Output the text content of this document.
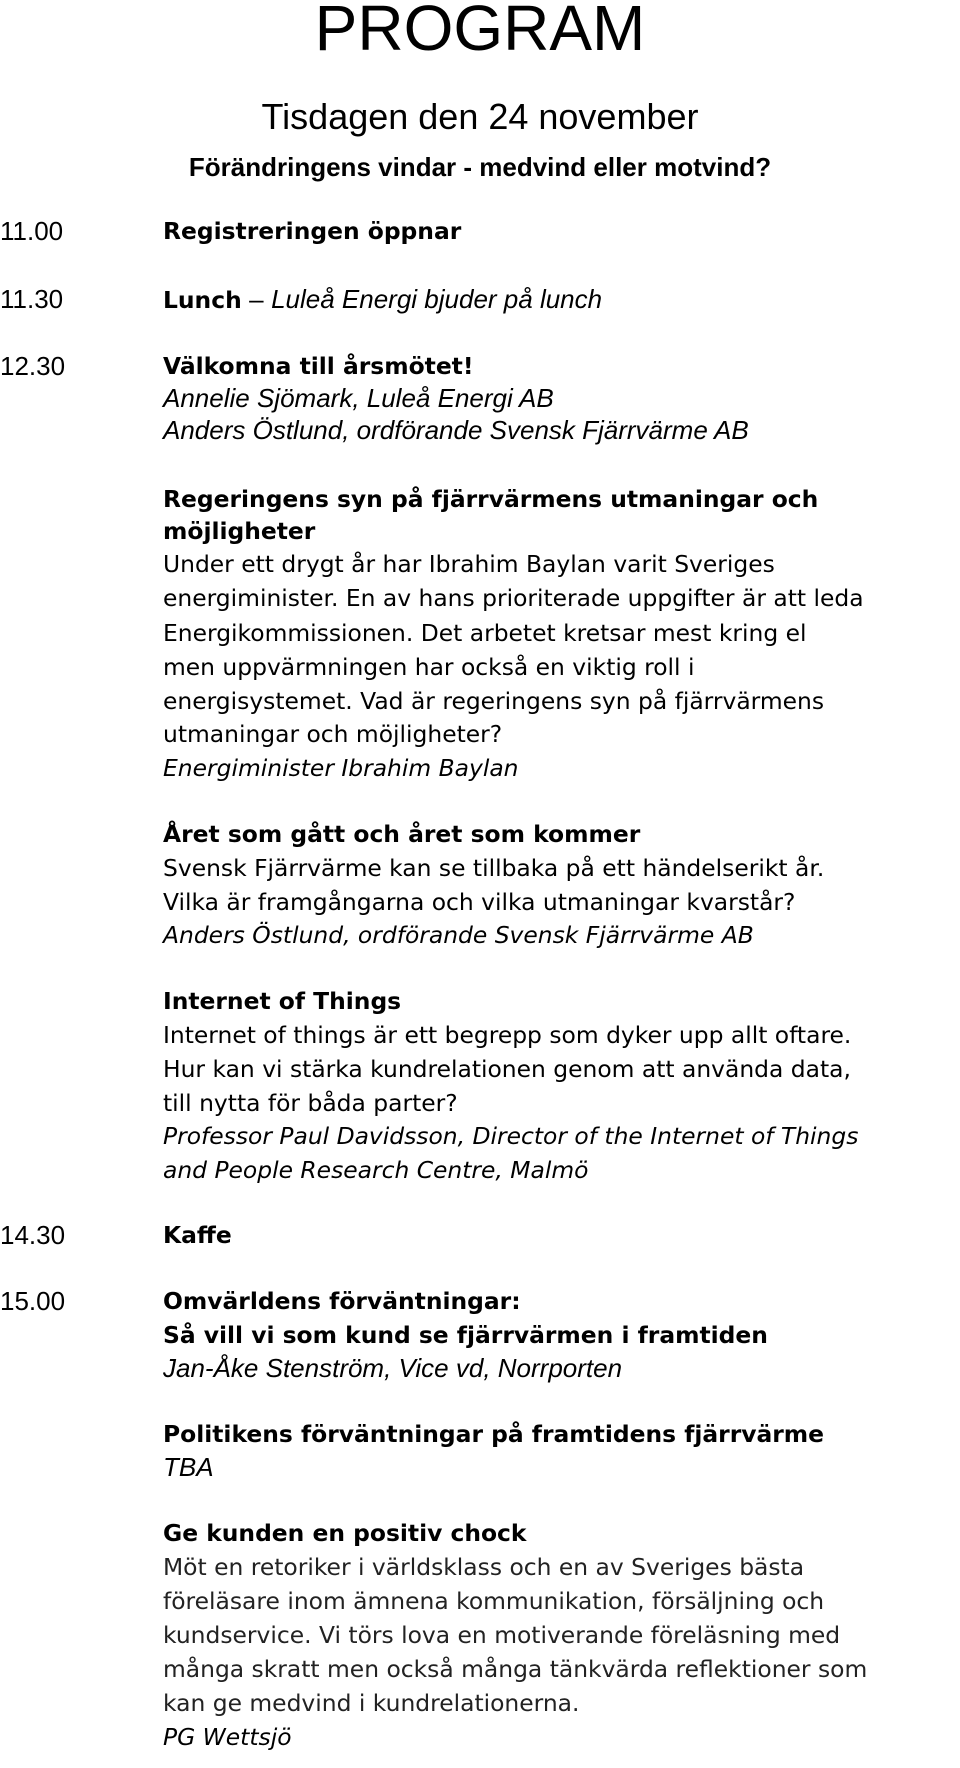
PROGRAM
Tisdagen den 24 november
Förändringens vindar - medvind eller motvind?
11.00	Registreringen öppnar
11.30	Lunch – Luleå Energi bjuder på lunch
12.30	Välkomna till årsmötet!
Annelie Sjömark, Luleå Energi AB
Anders Östlund, ordförande Svensk Fjärrvärme AB
Regeringens syn på fjärrvärmens utmaningar och
möjligheter
Under ett drygt år har Ibrahim Baylan varit Sveriges
energiminister. En av hans prioriterade uppgifter är att leda
Energikommissionen. Det arbetet kretsar mest kring el
men uppvärmningen har också en viktig roll i
energisystemet. Vad är regeringens syn på fjärrvärmens
utmaningar och möjligheter?
Energiminister Ibrahim Baylan
Året som gått och året som kommer
Svensk Fjärrvärme kan se tillbaka på ett händelserikt år.
Vilka är framgångarna och vilka utmaningar kvarstår?
Anders Östlund, ordförande Svensk Fjärrvärme AB
Internet of Things
Internet of things är ett begrepp som dyker upp allt oftare.
Hur kan vi stärka kundrelationen genom att använda data,
till nytta för båda parter?
Professor Paul Davidsson, Director of the Internet of Things
and People Research Centre, Malmö
14.30	Kaffe
15.00	Omvärldens förväntningar:
Så vill vi som kund se fjärrvärmen i framtiden
Jan-Åke Stenström, Vice vd, Norrporten
Politikens förväntningar på framtidens fjärrvärme
TBA
Ge kunden en positiv chock
Möt en retoriker i världsklass och en av Sveriges bästa
föreläsare inom ämnena kommunikation, försäljning och
kundservice. Vi törs lova en motiverande föreläsning med
många skratt men också många tänkvärda reflektioner som
kan ge medvind i kundrelationerna.
PG Wettsjö
